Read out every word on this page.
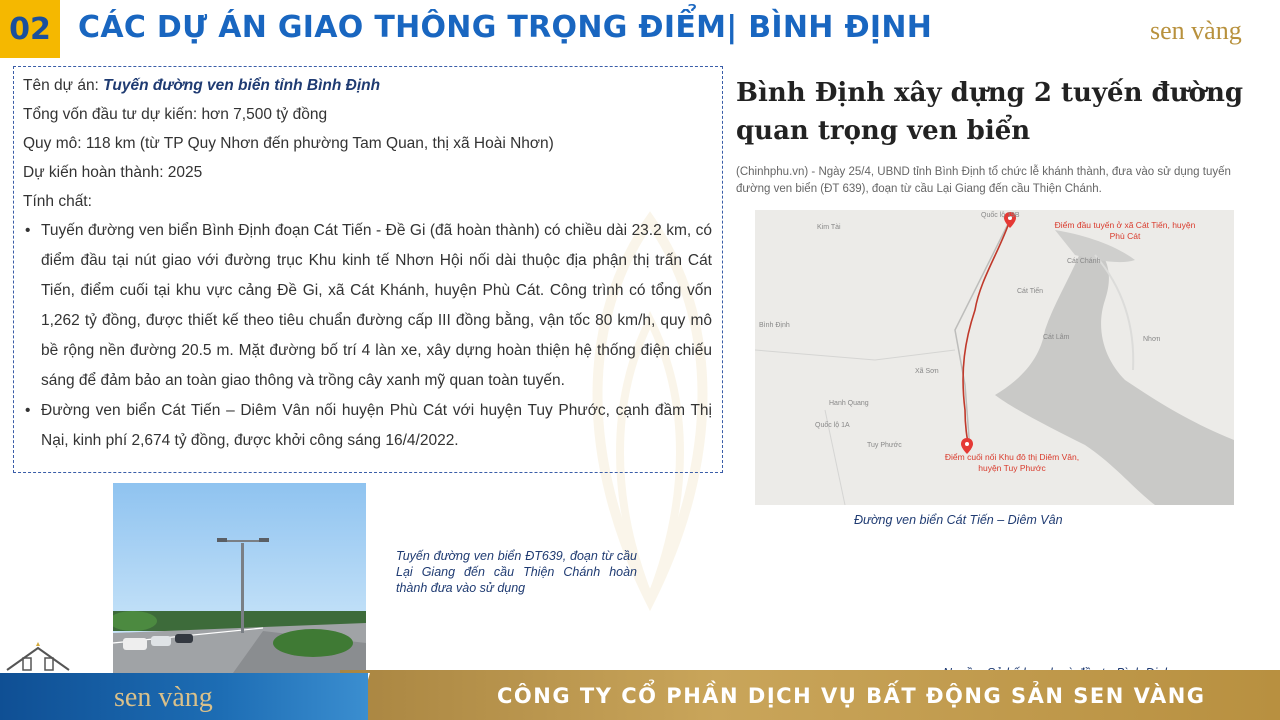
02 CÁC DỰ ÁN GIAO THÔNG TRỌNG ĐIỂM| BÌNH ĐỊNH	sen vàng
Tên dự án: Tuyến đường ven biển tỉnh Bình Định
Tổng vốn đầu tư dự kiến: hơn 7,500 tỷ đồng
Quy mô: 118 km (từ TP Quy Nhơn đến phường Tam Quan, thị xã Hoài Nhơn)
Dự kiến hoàn thành: 2025
Tính chất:
• Tuyến đường ven biển Bình Định đoạn Cát Tiến - Đề Gi (đã hoàn thành) có chiều dài 23.2 km, có điểm đầu tại nút giao với đường trục Khu kinh tế Nhơn Hội nối dài thuộc địa phận thị trấn Cát Tiến, điểm cuối tại khu vực cảng Đề Gi, xã Cát Khánh, huyện Phù Cát. Công trình có tổng vốn 1,262 tỷ đồng, được thiết kế theo tiêu chuẩn đường cấp III đồng bằng, vận tốc 80 km/h, quy mô bề rộng nền đường 20.5 m. Mặt đường bố trí 4 làn xe, xây dựng hoàn thiện hệ thống điện chiếu sáng để đảm bảo an toàn giao thông và trồng cây xanh mỹ quan toàn tuyến.
• Đường ven biển Cát Tiến – Diêm Vân nối huyện Phù Cát với huyện Tuy Phước, cạnh đầm Thị Nại, kinh phí 2,674 tỷ đồng, được khởi công sáng 16/4/2022.
Bình Định xây dựng 2 tuyến đường quan trọng ven biển
(Chinhphu.vn) - Ngày 25/4, UBND tỉnh Bình Định tổ chức lễ khánh thành, đưa vào sử dụng tuyến đường ven biển (ĐT 639), đoạn từ cầu Lại Giang đến cầu Thiện Chánh.
Quốc lộ 19B
Kim Tài
Cát Chánh
Bình Định
Tuy Phước
Cát Tiến
Hanh Quang
Xã Sơn
Quốc lộ 1A
Cát Lâm	Nhơn
Điểm đầu tuyến ở xã Cát Tiến, huyện Phù Cát
Điểm cuối nối Khu đô thị Diêm Vân, huyện Tuy Phước
Đường ven biển Cát Tiến – Diêm Vân
Tuyến đường ven biển ĐT639, đoạn từ cầu Lại Giang đến cầu Thiện Chánh hoàn thành đưa vào sử dụng
sen vàng	CÔNG TY CỔ PHẦN DỊCH VỤ BẤT ĐỘNG SẢN SEN VÀNG
